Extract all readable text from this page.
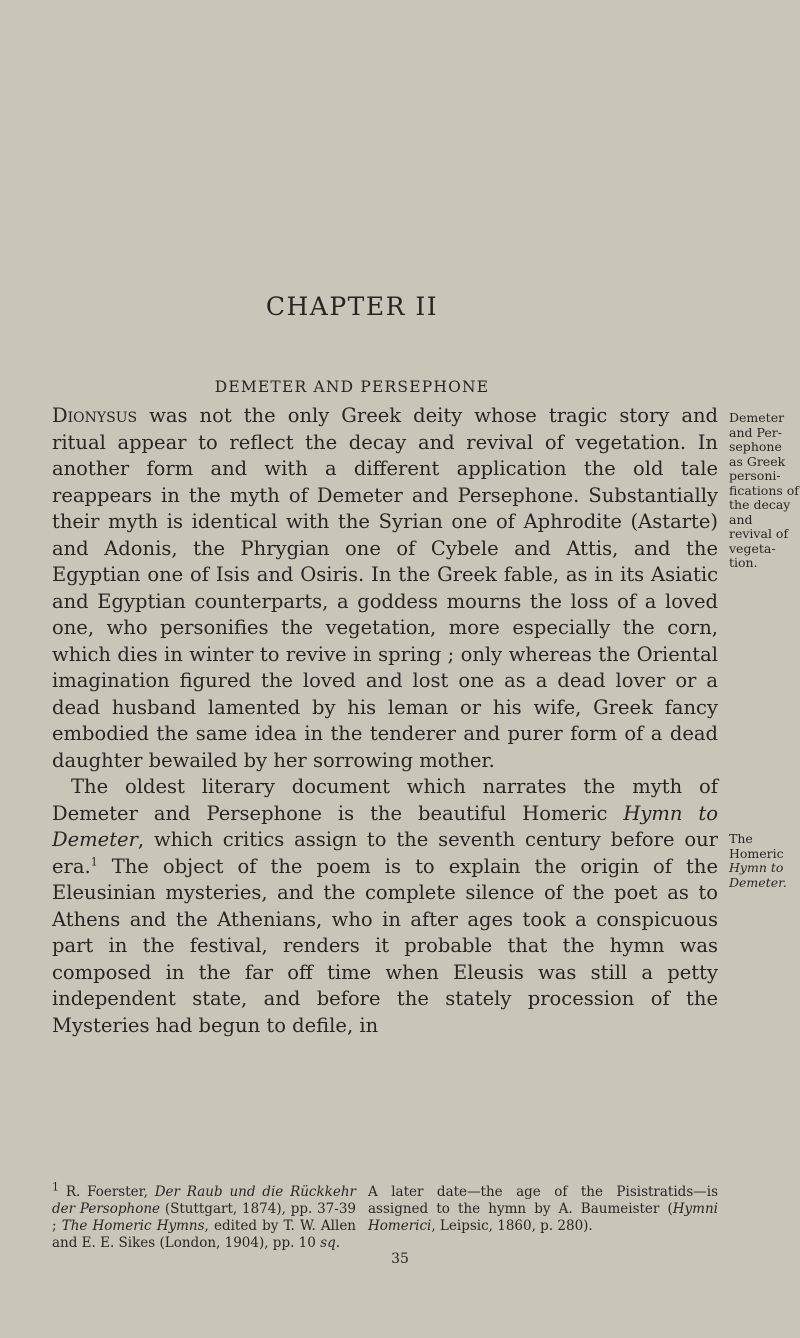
CHAPTER II
DEMETER AND PERSEPHONE

Dionysus was not the only Greek deity whose tragic story and ritual appear to reflect the decay and revival of vegetation. In another form and with a different application the old tale reappears in the myth of Demeter and Persephone. Substantially their myth is identical with the Syrian one of Aphrodite (Astarte) and Adonis, the Phrygian one of Cybele and Attis, and the Egyptian one of Isis and Osiris. In the Greek fable, as in its Asiatic and Egyptian counterparts, a goddess mourns the loss of a loved one, who personifies the vegetation, more especially the corn, which dies in winter to revive in spring ; only whereas the Oriental imagination figured the loved and lost one as a dead lover or a dead husband lamented by his leman or his wife, Greek fancy embodied the same idea in the tenderer and purer form of a dead daughter bewailed by her sorrowing mother.

The oldest literary document which narrates the myth of Demeter and Persephone is the beautiful Homeric Hymn to Demeter, which critics assign to the seventh century before our era.$^1$ The object of the poem is to explain the origin of the Eleusinian mysteries, and the complete silence of the poet as to Athens and the Athenians, who in after ages took a conspicuous part in the festival, renders it probable that the hymn was composed in the far off time when Eleusis was still a petty independent state, and before the stately procession of the Mysteries had begun to defile, in

Demeter and Persephone as Greek personifications of the decay and revival of vegetation.
The Homeric Hymn to Demeter.
$^1$ R. Foerster, Der Raub und die Rückkehr der Persophone (Stuttgart, 1874), pp. 37-39 ; The Homeric Hymns, edited by T. W. Allen and E. E. Sikes (London, 1904), pp. 10 sq.
A later date—the age of the Pisistratids—is assigned to the hymn by A. Baumeister (Hymni Homerici, Leipsic, 1860, p. 280).
35
